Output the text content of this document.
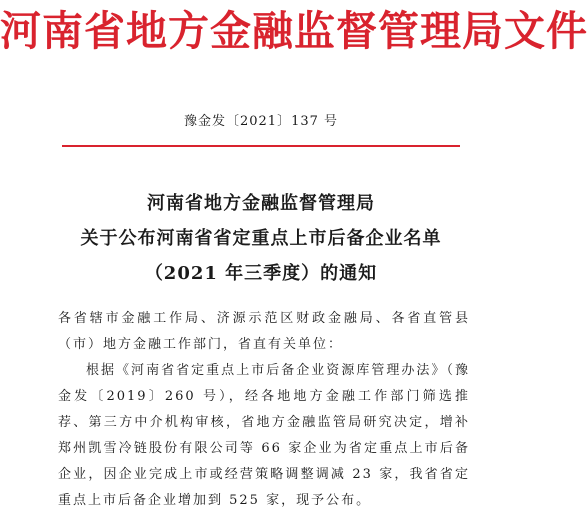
河南省地方金融监督管理局文件
豫金发〔2021〕137 号
河南省地方金融监督管理局
关于公布河南省省定重点上市后备企业名单
（2021 年三季度）的通知

各省辖市金融工作局、济源示范区财政金融局、各省直管县（市）地方金融工作部门，省直有关单位：

根据《河南省省定重点上市后备企业资源库管理办法》（豫金发〔2019〕260 号），经各地地方金融工作部门筛选推荐、第三方中介机构审核，省地方金融监管局研究决定，增补郑州凯雪冷链股份有限公司等 66 家企业为省定重点上市后备企业，因企业完成上市或经营策略调整调减 23 家，我省省定重点上市后备企业增加到 525 家，现予公布。
